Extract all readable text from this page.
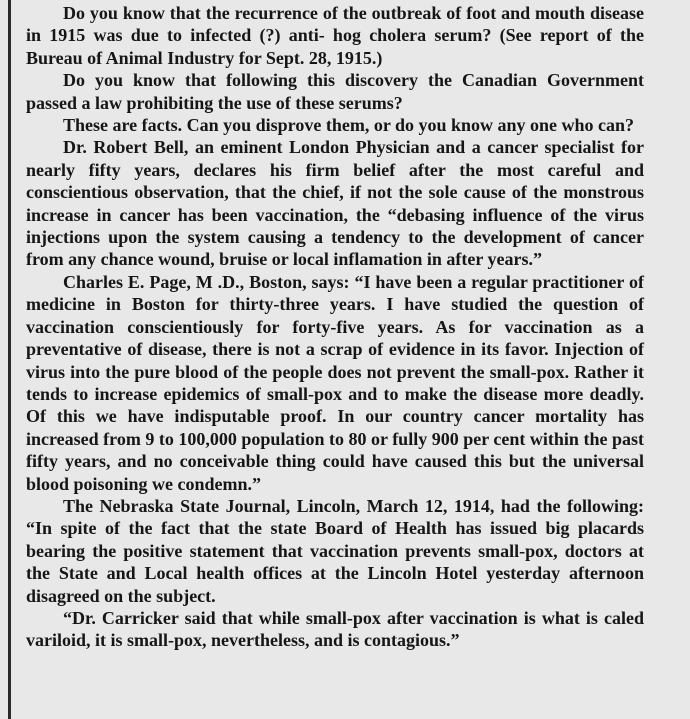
Do you know that the recurrence of the outbreak of foot and mouth disease in 1915 was due to infected (?) anti- hog cholera serum? (See report of the Bureau of Animal Industry for Sept. 28, 1915.)

Do you know that following this discovery the Canadian Government passed a law prohibiting the use of these serums?

These are facts. Can you disprove them, or do you know any one who can?

Dr. Robert Bell, an eminent London Physician and a cancer specialist for nearly fifty years, declares his firm belief after the most careful and conscientious observation, that the chief, if not the sole cause of the monstrous increase in cancer has been vaccination, the “debasing influence of the virus injections upon the system causing a tendency to the development of cancer from any chance wound, bruise or local inflamation in after years.”

Charles E. Page, M .D., Boston, says: “I have been a regular practitioner of medicine in Boston for thirty-three years. I have studied the question of vaccination conscientiously for forty-five years. As for vaccination as a preventative of disease, there is not a scrap of evidence in its favor. Injection of virus into the pure blood of the people does not prevent the small-pox. Rather it tends to increase epidemics of small-pox and to make the disease more deadly. Of this we have indisputable proof. In our country cancer mortality has increased from 9 to 100,000 population to 80 or fully 900 per cent within the past fifty years, and no conceivable thing could have caused this but the universal blood poisoning we condemn.”

The Nebraska State Journal, Lincoln, March 12, 1914, had the following: “In spite of the fact that the state Board of Health has issued big placards bearing the positive statement that vaccination prevents small-pox, doctors at the State and Local health offices at the Lincoln Hotel yesterday afternoon disagreed on the subject.

“Dr. Carricker said that while small-pox after vaccination is what is caled variloid, it is small-pox, nevertheless, and is contagious.”
